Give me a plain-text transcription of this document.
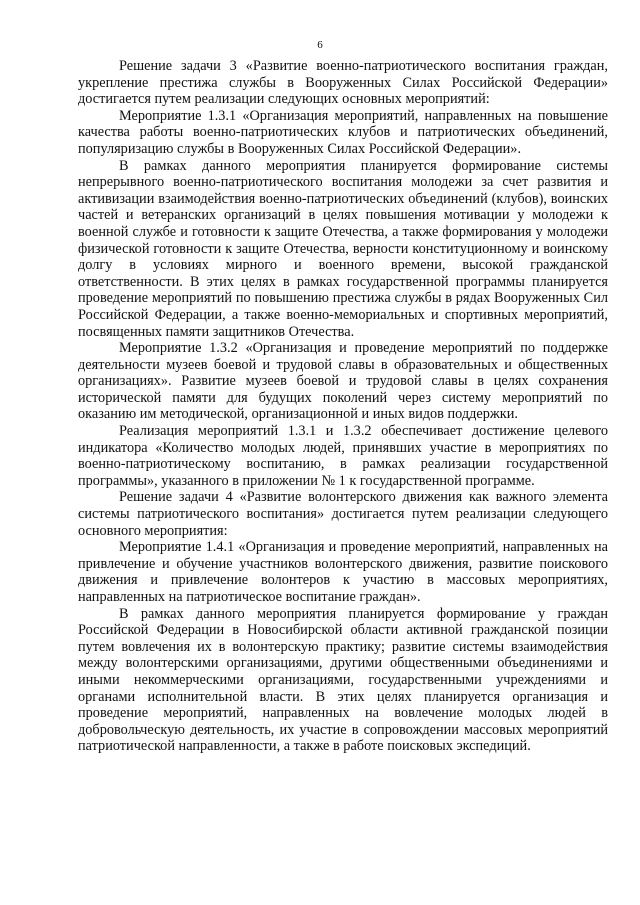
6

Решение задачи 3 «Развитие военно-патриотического воспитания граждан, укрепление престижа службы в Вооруженных Силах Российской Федерации» достигается путем реализации следующих основных мероприятий:

Мероприятие 1.3.1 «Организация мероприятий, направленных на повышение качества работы военно-патриотических клубов и патриотических объединений, популяризацию службы в Вооруженных Силах Российской Федерации».

В рамках данного мероприятия планируется формирование системы непрерывного военно-патриотического воспитания молодежи за счет развития и активизации взаимодействия военно-патриотических объединений (клубов), воинских частей и ветеранских организаций в целях повышения мотивации у молодежи к военной службе и готовности к защите Отечества, а также формирования у молодежи физической готовности к защите Отечества, верности конституционному и воинскому долгу в условиях мирного и военного времени, высокой гражданской ответственности. В этих целях в рамках государственной программы планируется проведение мероприятий по повышению престижа службы в рядах Вооруженных Сил Российской Федерации, а также военно-мемориальных и спортивных мероприятий, посвященных памяти защитников Отечества.

Мероприятие 1.3.2 «Организация и проведение мероприятий по поддержке деятельности музеев боевой и трудовой славы в образовательных и общественных организациях». Развитие музеев боевой и трудовой славы в целях сохранения исторической памяти для будущих поколений через систему мероприятий по оказанию им методической, организационной и иных видов поддержки.

Реализация мероприятий 1.3.1 и 1.3.2 обеспечивает достижение целевого индикатора «Количество молодых людей, принявших участие в мероприятиях по военно-патриотическому воспитанию, в рамках реализации государственной программы», указанного в приложении № 1 к государственной программе.

Решение задачи 4 «Развитие волонтерского движения как важного элемента системы патриотического воспитания» достигается путем реализации следующего основного мероприятия:

Мероприятие 1.4.1 «Организация и проведение мероприятий, направленных на привлечение и обучение участников волонтерского движения, развитие поискового движения и привлечение волонтеров к участию в массовых мероприятиях, направленных на патриотическое воспитание граждан».

В рамках данного мероприятия планируется формирование у граждан Российской Федерации в Новосибирской области активной гражданской позиции путем вовлечения их в волонтерскую практику; развитие системы взаимодействия между волонтерскими организациями, другими общественными объединениями и иными некоммерческими организациями, государственными учреждениями и органами исполнительной власти. В этих целях планируется организация и проведение мероприятий, направленных на вовлечение молодых людей в добровольческую деятельность, их участие в сопровождении массовых мероприятий патриотической направленности, а также в работе поисковых экспедиций.
